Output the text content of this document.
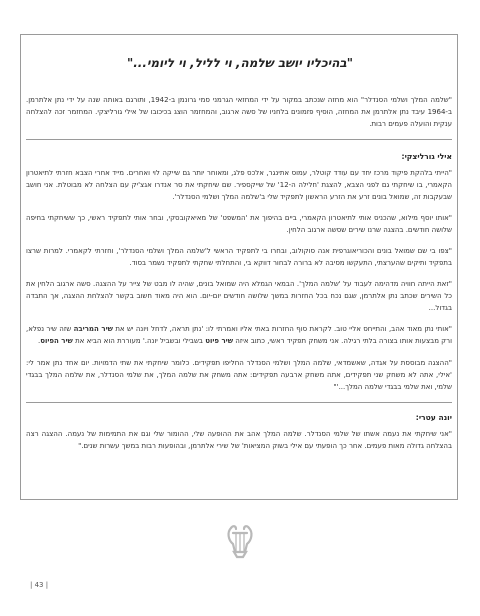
"בהיכליו יושב שלמה, וי לליל, וי ליומי..."

"שלמה המלך ושלמי הסנדלר" הוא מחזה שנכתב במקור על ידי המחזאי הגרמני סמי גרונמן ב-1942, ותורגם באותה שנה על ידי נתן אלתרמן. ב-1964 עיבד נתן אלתרמן את המחזה, הוסיף פזמונים בלחניו של סשה ארגוב, והמחזמר הוצג בכיכובו של אילי גורליצקי. המחזמר זכה להצלחה ענקית והועלה פעמים רבות.

אילי גורליצקי:

"הייתי בלהקת פיקוד מרכז יחד עם עודד קוטלר, עמוס אתינגר, אלכס פלג, ומאוחר יותר גם שייקה לוי ואחרים. מייד אחרי הצבא חזרתי לתיאטרון הקאמרי, בו שיחקתי גם לפני הצבא, להצגת 'חלילה ה-12' של שייקספיר. שם שיחקתי את סר אנדרו אגצ'יק עם הצלחה לא מבוטלת. אני חושב שבעקבות זה, שמואל בונים זרע את הזרע הראשון לתפקיד שלי ב'שלמה המלך ושלמי הסנדלר'.

"אותו יוסף מילוא, שהכניס אותי לתיאטרון הקאמרי, ביים בהיפוך את 'המשפט' של מאיאקובסקי, ובחר אותי לתפקיד ראשי, כך ששיחקתי בחיפה שלושה חודשים. בהצגה שרנו שירים שסשה ארגוב הלחין.

"צפו בי שם שמואל בונים והכוריאוגרפית אנה סוקולוב, ובחרו בי לתפקיד הראשי ל'שלמה המלך ושלמי הסנדלר', וחזרתי לקאמרי. למרות שרצו בתפקיד ותיקים שהערצתי, התעקשו מסיבה לא ברורה לבחור דווקא בי, והתחלתי שחקתי לתפקיד נשמר בסוד.

"זאת הייתה חוויה מדהימה לעבוד על 'שלמה המלך'. הבמאי הגמלא היה שמואל בונים, שהיה לו מבט של צייר על ההצגה. סשה ארגוב הלחין את כל השירים שכתב נתן אלתרמן, שגם נכח בכל החזרות במשך שלושה חודשים יום-יום. הוא היה מאוד חשוב בקשר להצלחת ההצגה, אך התבדה בגדול...

"אותי נתן מאוד אהב, והתייחס אליי טוב. לקראת סוף החזרות באתי אליו ואמרתי לו: 'נתן תראה, לדחל ויונה יש את שיר המריבה שזה שיר נפלא, ורק מבצעות אותו בצורה בלתי רגילה. אני משחק תפקיד ראשי, כתוב איזה שיר פיוט בשבילי ובשביל יונה.' מעוררת הוא הביא את שיר הפיוס.

"ההצגה מבוססת על אגדה, שאשמדאי, שלמה המלך ושלמי הסנדלר החליפו תפקידים. כלומר שיחקתי את שתי הדמויות. יום אחד נתן אמר לי: 'אילי, אתה לא משחק שני תפקידים, אתה משחק ארבעה תפקידים: אתה משחק את שלמה המלך, את שלמי הסנדלר, את שלמה המלך בבגדי שלמי, ואת שלמי בבגדי שלמה המלך...'"

יונה עטרי:

"אני שיחקתי את נעמה אשתו של שלמי הסנדלר. שלמה המלך אהב את ההופעה שלי, ההומור שלי וגם את התמימות של נעמה. ההצגה רצה בהצלחה גדולה מאות פעמים. אחר כך הופעתי עם אילי בשוק המציאות' של שירי אלתרמן, ובהופעות רבות במשך עשרות שנים."

| 43 |
